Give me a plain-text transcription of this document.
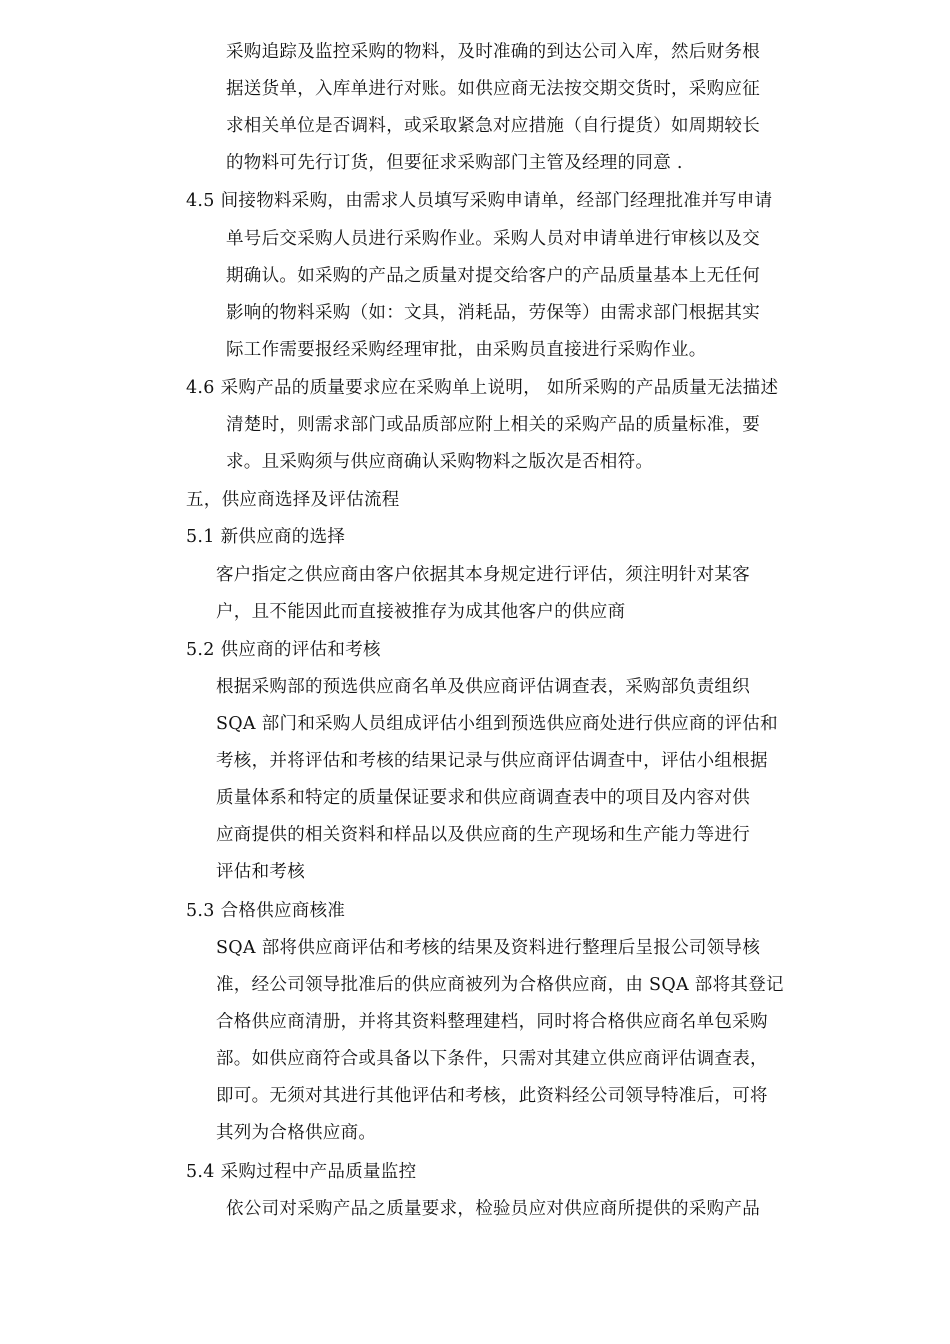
采购追踪及监控采购的物料，及时准确的到达公司入库，然后财务根
据送货单，入库单进行对账。如供应商无法按交期交货时，采购应征
求相关单位是否调料，或采取紧急对应措施（自行提货）如周期较长
的物料可先行订货，但要征求采购部门主管及经理的同意 .
4.5 间接物料采购，由需求人员填写采购申请单，经部门经理批准并写申请
单号后交采购人员进行采购作业。采购人员对申请单进行审核以及交
期确认。如采购的产品之质量对提交给客户的产品质量基本上无任何
影响的物料采购（如：文具，消耗品，劳保等）由需求部门根据其实
际工作需要报经采购经理审批，由采购员直接进行采购作业。
4.6 采购产品的质量要求应在采购单上说明， 如所采购的产品质量无法描述
清楚时，则需求部门或品质部应附上相关的采购产品的质量标准，要
求。且采购须与供应商确认采购物料之版次是否相符。
五，供应商选择及评估流程
5.1 新供应商的选择
客户指定之供应商由客户依据其本身规定进行评估，须注明针对某客
户，且不能因此而直接被推存为成其他客户的供应商
5.2 供应商的评估和考核
根据采购部的预选供应商名单及供应商评估调查表，采购部负责组织
SQA 部门和采购人员组成评估小组到预选供应商处进行供应商的评估和
考核，并将评估和考核的结果记录与供应商评估调查中，评估小组根据
质量体系和特定的质量保证要求和供应商调查表中的项目及内容对供
应商提供的相关资料和样品以及供应商的生产现场和生产能力等进行
评估和考核
5.3 合格供应商核准
SQA 部将供应商评估和考核的结果及资料进行整理后呈报公司领导核
准，经公司领导批准后的供应商被列为合格供应商，由 SQA 部将其登记
合格供应商清册，并将其资料整理建档，同时将合格供应商名单包采购
部。如供应商符合或具备以下条件，只需对其建立供应商评估调查表，
即可。无须对其进行其他评估和考核，此资料经公司领导特准后，可将
其列为合格供应商。
5.4 采购过程中产品质量监控
依公司对采购产品之质量要求，检验员应对供应商所提供的采购产品
